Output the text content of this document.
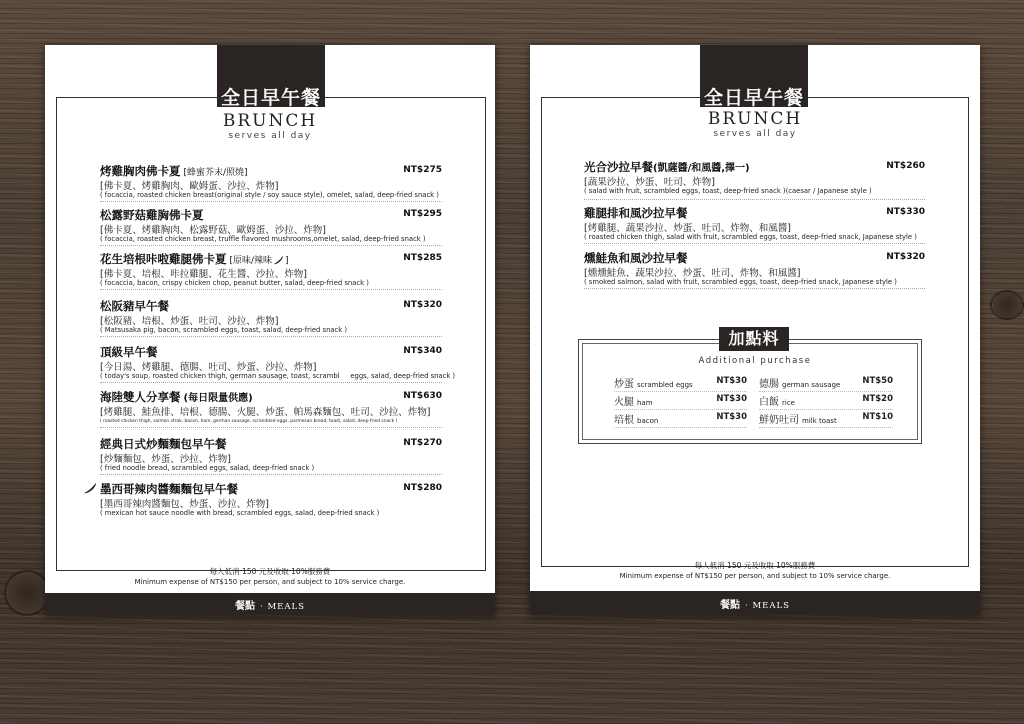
全日早午餐
BRUNCH
serves all day
烤雞胸肉佛卡夏 [蜂蜜芥末/照燒]	NT$275
[佛卡夏、烤雞胸肉、歐姆蛋、沙拉、炸物]
( focaccia, roasted chicken breast(original style / soy sauce style), omelet, salad, deep-fried snack )
松露野菇雞胸佛卡夏	NT$295
[佛卡夏、烤雞胸肉、松露野菇、歐姆蛋、沙拉、炸物]
( focaccia, roasted chicken breast, truffle flavored mushrooms,omelet, salad, deep-fried snack )
花生培根咔啦雞腿佛卡夏 [原味/辣味 ]	NT$285
[佛卡夏、培根、咔拉雞腿、花生醬、沙拉、炸物]
( focaccia, bacon, crispy chicken chop, peanut butter, salad, deep-fried snack )
松阪豬早午餐	NT$320
[松阪豬、培根、炒蛋、吐司、沙拉、炸物]
( Matsusaka pig, bacon, scrambled eggs, toast, salad, deep-fried snack )
頂級早午餐	NT$340
[今日湯、烤雞腿、德腸、吐司、炒蛋、沙拉、炸物]
( today's soup, roasted chicken thigh, german sausage, toast, scrambl     eggs, salad, deep-fried snack )
海陸雙人分享餐 (每日限量供應)	NT$630
[烤雞腿、鮭魚排、培根、德腸、火腿、炒蛋、帕馬森麵包、吐司、沙拉、炸物]
( roasted chicken thigh, salmon strak, bacon, ham, german sausage, scrambled eggs, parmesan bread, toast, salad, deep-fried snack )
經典日式炒麵麵包早午餐	NT$270
[炒麵麵包、炒蛋、沙拉、炸物]
( fried noodle bread, scrambled eggs, salad, deep-fried snack )
墨西哥辣肉醬麵麵包早午餐	NT$280
[墨西哥辣肉醬麵包、炒蛋、沙拉、炸物]
( mexican hot sauce noodle with bread, scrambled eggs, salad, deep-fried snack )
每人低消 150 元及收取 10%服務費
Minimum expense of NT$150 per person, and subject to 10% service charge.
餐點 · MEALS
全日早午餐
BRUNCH
serves all day
光合沙拉早餐(凱薩醬/和風醬,擇一)	NT$260
[蔬果沙拉、炒蛋、吐司、炸物]
( salad with fruit, scrambled eggs, toast, deep-fried snack )(caesar / Japanese style )
雞腿排和風沙拉早餐	NT$330
[烤雞腿、蔬果沙拉、炒蛋、吐司、炸物、和風醬]
( roasted chicken thigh, salad with fruit, scrambled eggs, toast, deep-fried snack, Japanese style )
燻鮭魚和風沙拉早餐	NT$320
[燻燻鮭魚、蔬果沙拉、炒蛋、吐司、炸物、和風醬]
( smoked salmon, salad with fruit, scrambled eggs, toast, deep-fried snack, Japanese style )
加點料
Additional purchase
炒蛋 scrambled eggs	NT$30
火腿 ham	NT$30
培根 bacon	NT$30
德腸 german sausage	NT$50
白飯 rice	NT$20
鮮奶吐司 milk toast	NT$10
每人低消 150 元及收取 10%服務費
Minimum expense of NT$150 per person, and subject to 10% service charge.
餐點 · MEALS
